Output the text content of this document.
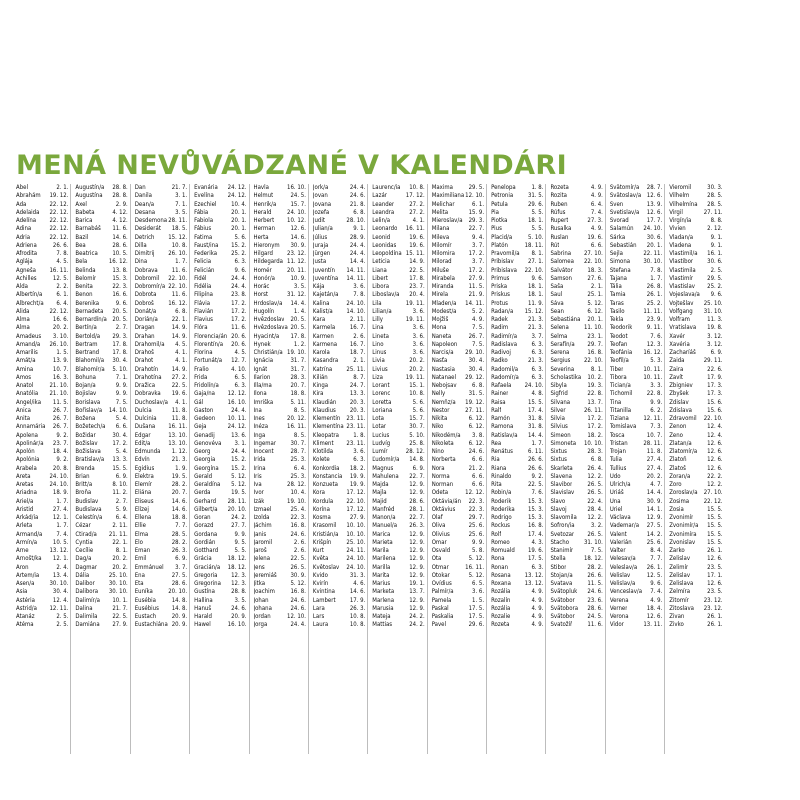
MENÁ NEVŮVÁDZANÉ V KALENDÁRI
Ábel	2. 1.
Abrahám 19. 12.
Ada	22. 12.
Adelaida 22. 12.
Adelína 22. 12.
Adina	22. 12.
Adria	22. 12.
Adriena	26. 6.
Afrodita	7. 8.
Aglája	4. 5.
Agneša 16. 11.
Achilles	12. 5.
Alda	2. 2.
Albertín/a 6. 1.
Albrecht/a 6. 4.
Alida	22. 12.
Alma	16. 6.
Alma	20. 2.
Amadeus 3. 10.
Amand/a 26. 10.
Amarilis	1. 5.
Amát/a	13. 9.
Amina	10. 7.
Amos	16. 3.
Anatol	21. 10.
Anatólia 21. 10.
Angel/ika 11. 5.
Anica	26. 7.
Anita	26. 7.
Annamária 26. 7.
Apolena	9. 2.
Apolinár/a 23. 7.
Apolón	18. 4.
Apolónia	9. 2.
Arabela	20. 8.
Areta	24. 10.
Aretas	24. 10.
Ariadna	18. 9.
Ariel/a	1. 7.
Aristid	27. 4.
Arkád/ia 12. 1.
Arleta	1. 7.
Armand/a 7. 4.
Armín/a	10. 5.
Arne	13. 12.
Arnošt/ka 12. 1.
Áron	2. 4.
Artem/ia 13. 4.
Asen/a	30. 10.
Asia	30. 4.
Astéria	12. 4.
Astrid/a 12. 11.
Atanáz	2. 5.
Atéma	2. 5.
Augustín/a 28. 8.
Augustína 28. 8.
Axel	2. 9.
Babeta	4. 12.
Barica	4. 12.
Barnabáš 11. 6.
Bazil	14. 6.
Bea	28. 6.
Beatrica 10. 5.
Bela	16. 12.
Belinda	13. 8.
Belomír	15. 3.
Benita	22. 3.
Benon	16. 6.
Berenika	9. 6.
Bernadeta 20. 5.
Bernardín/a 20. 5.
Bertín/a	2. 7.
Bertold/a 29. 3.
Bertram 17. 8.
Bertrand 17. 8.
Blahomil/a 30. 4.
Blahomír/a 5. 10.
Bohuna	7. 1.
Bojan/a	9. 9.
Bojislav	9. 9.
Borislava	7. 5.
Bořislav/a 14. 10.
Božena	5. 4.
Božetech/a 6. 6.
Božidar	30. 4.
Božislav 17. 2.
Božislava 5. 4.
Bratislav/a 13. 3.
Brenda	15. 5.
Brian	6. 9.
Britt/a	8. 10.
Broňa	11. 2.
Budislav	2. 7.
Budislava 5. 9.
Celestín/a 6. 4.
Cézar	2. 11.
Ctirad/a 21. 11.
Cyntia	22. 1.
Cecílie	8. 1.
Dag/a	20. 2.
Dagmar	20. 2.
Dália	25. 10.
Dalibor 30. 10.
Dalibora 30. 10.
Dalimír/a 10. 1.
Dalina	21. 7.
Dalimila 22. 5.
Damiána 27. 9.
Dan	21. 7.
Danila	3. 1.
Dean/a	7. 1.
Desana	3. 5.
Desdemona 28. 11.
Desiderát 18. 5.
Detrich 15. 12.
Dilla	10. 8.
Dimitrij 26. 10.
Dina	1. 7.
Dobrava 11. 6.
Dobromil 22. 10.
Dobromír/a 22. 10.
Dobrota	11. 6.
Dobroš 16. 12.
Donát/a	6. 8.
Dorián/a 22. 1.
Dragan	14. 9.
Drahan	14. 9.
Drahomil/a 4. 5.
Drahoš	4. 1.
Drahot	4. 1.
Drahotín 14. 9.
Drahotína 27. 2.
Dražica	22. 5.
Dobravka 19. 6.
Duchoslav/a 4. 1.
Dulcia	11. 8.
Dulcinia	11. 8.
Dušana 16. 11.
Edgar	13. 10.
Edit/a	13. 10.
Edmunda 1. 12.
Edvín	21. 3.
Egidius	1. 9.
Elektra	19. 5.
Elemír	28. 2.
Eliána	20. 7.
Eliseus	14. 6.
Elízej	14. 6.
Ellena	18. 8.
Ellie	7. 7.
Elma	28. 5.
Elo	28. 2.
Eman	26. 3.
Emil	6. 9.
Emmánuel 3. 7.
Ena	27. 5.
Eta	28. 6.
Euníka	20. 10.
Eusébia	14. 8.
Eusébius 14. 8.
Eustach	20. 9.
Eustachiána 20. 9.
Evanária 24. 12.
Evelína 24. 12.
Ezechiel 10. 4.
Fábia	20. 1.
Fabiola	20. 1.
Fábius	20. 1.
Fatima	5. 6.
Faust/ina 15. 2.
Federika 25. 2.
Felicia	6. 3.
Felicián	9. 6.
Fidél	24. 4.
Fidélia	24. 4.
Filipína	23. 8.
Flávia	17. 2.
Flavián	17. 2.
Flavius	17. 2.
Flóra	11. 6.
Florencia/án 20. 6.
Florentín/a 20. 6.
Florina	4. 5.
Fortunát/a 12. 7.
Fralio	4. 10.
Frida	6. 5.
Fridolín/a	6. 3.
Gaja/na 12. 12.
Gál	16. 10.
Gaston	24. 4.
Gedeon 10. 11.
Geja	24. 12.
Genadij	13. 6.
Genovéva 3. 1.
Georg	24. 4.
Georgia	15. 2.
Georgína 15. 2.
Gerald	5. 12.
Geraldína 5. 12.
Gerda	19. 5.
Gerhard 28. 11.
Gilbert/a 20. 10.
Goran	24. 2.
Gorazd	27. 7.
Gordana	9. 9.
Gordián	9. 5.
Gotthard	5. 5.
Grácia	18. 12.
Gracián/a 18. 12.
Gregoria 12. 3.
Gregorina 12. 3.
Gustína	28. 8.
Hallina	3. 5.
Hanuš	24. 6.
Harald	20. 9.
Hawel	16. 10.
Havla	16. 10.
Helmut	24. 5.
Henrik/a 15. 7.
Herald	24. 10.
Herbert 10. 12.
Herman	12. 6.
Herta	14. 6.
Hieronym 30. 9.
Hilgard 23. 12.
Hildegarda 11. 12.
Homér	20. 11.
Honór/a	10. 9.
Horác	3. 5.
Horst	31. 12.
Hrdoslav/a 14. 4.
Hugolín	1. 4.
Hvězdoslav 20. 5.
Hvězdoslava 20. 5.
Hyacint/a 17. 8.
Hynek	1. 2.
Christián/a 19. 10.
Ignácia	31. 7.
Ignát	31. 7.
Ilarion	28. 3.
Illa/ma	20. 7.
Ilona	18. 8.
Imriška	5. 11.
Ina	8. 5.
Ines	20. 12.
Inéza	16. 11.
Inga	8. 5.
Ingemar 30. 7.
Inocent	28. 7.
Irida	25. 3.
Irina	6. 4.
Iris	25. 3.
Iva	28. 12.
Ivor	10. 4.
Izák	19. 10.
Izmael	25. 4.
Izolda	22. 3.
Jáchim	16. 8.
Janis	24. 6.
Jaromil	2. 6.
Jaroš	2. 6.
Jelena	22. 5.
Jens	26. 5.
Jeremiáš 30. 9.
Jitka	5. 12.
Joachim	16. 8.
Johan	24. 6.
Johana	24. 6.
Jordan	12. 10.
Jorga	24. 4.
Jork/a	24. 4.
Jovan	24. 6.
Jovana	21. 8.
Jozefa	6. 8.
Judit	28. 10.
Julian/a	9. 1.
Július	28. 9.
Juraja	24. 4.
Jürgen	24. 4.
Justa	14. 4.
Juventín 14. 11.
Juventína 14. 11.
Kája	3. 6.
Kajetán/a 7. 8.
Kalina	24. 10.
Kalist/a 14. 10.
Kara	2. 11.
Karmela 16. 7.
Karmen	2. 6.
Karmena 16. 7.
Karola	18. 7.
Kasandra	2. 1.
Katrína 25. 11.
Kilián	8. 7.
Kinga	24. 7.
Kira	13. 3.
Klaudián 20. 3.
Klaudius 20. 3.
Klementín 23. 11.
Klementína 23. 11.
Kleopatra 1. 8.
Kliment 23. 11.
Klotilda	3. 6.
Kolete	6. 3.
Konkordia 18. 2.
Konstancia 19. 9.
Konzueta 19. 9.
Kora	17. 12.
Kordula 22. 10.
Korína	17. 12.
Kosma	27. 9.
Krasomil 10. 10.
Kristián/a 10. 10.
Krišpín	25. 10.
Kurt	24. 11.
Květa	24. 10.
Květoslav 24. 10.
Kvido	31. 3.
Kvirín	4. 6.
Kvintina 14. 6.
Lambert 17. 9.
Lara	26. 3.
Lars	10. 8.
Laura	10. 8.
Laurenc/ia 10. 8.
Lazár	17. 12.
Leander	27. 2.
Leandra	27. 2.
Lelin/a	4. 1.
Leonardo 16. 11.
Leonid	19. 6.
Leonidas 19. 6.
Leopoldína 15. 11.
Leticia	14. 9.
Liana	22. 5.
Libert	17. 8.
Libora	23. 7.
Liboslav/a 20. 4.
Lila	19. 11.
Lilian/a	3. 6.
Lilly	19. 11.
Lina	3. 6.
Lineta	3. 6.
Lino	3. 6.
Linus	3. 6.
Livia	20. 2.
Livius	20. 2.
Liza	19. 11.
Lorant	15. 1.
Lorenc	10. 8.
Loretta	5. 6.
Loriana	5. 6.
Lota	15. 7.
Lotar	30. 7.
Lucius	5. 10.
Ludvíg	25. 8.
Lumír	28. 12.
Ľudomír/a 14. 8.
Magnus	6. 9.
Mahulena 22. 7.
Majda	12. 9.
Majla	12. 9.
Majid	28. 6.
Manfréd 28. 1.
Manon/a 22. 7.
Manuel/a 26. 3.
Marica	12. 9.
Marieta	12. 9.
Marila	12. 9.
Marilena 12. 9.
Marilla	12. 9.
Marita	12. 9.
Marius	19. 1.
Marketa	13. 7.
Marlena	12. 9.
Marusia	12. 9.
Mateja	24. 2.
Mattias	24. 2.
Maxima	29. 5.
Maximiliana 12. 10.
Melichar	6. 1.
Melita	15. 9.
Mieroslav/a 29. 3.
Milana	22. 7.
Mileva	9. 4.
Milomír	3. 7.
Milomira 17. 2.
Milorad	3. 7.
Miluše	17. 2.
Mirabela 27. 9.
Miranda	11. 5.
Mirela	21. 9.
Mladen/a 14. 11.
Modest/a	5. 2.
Mojžiš	4. 9.
Mona	7. 5.
Naneta	26. 7.
Napoleon 7. 5.
Narcis/a 29. 10.
Nasťa	30. 4.
Nastasia 30. 4.
Natanael 29. 12.
Nebojsav	6. 8.
Nelly	31. 5.
Nemňz/a 19. 12.
Nestor	27. 11.
Nikita	6. 12.
Niko	6. 12.
Nikodém/a 3. 8.
Nikoleta 6. 12.
Nino	24. 6.
Norberta	6. 6.
Nora	21. 2.
Norma	6. 6.
Norman	6. 6.
Odeta	12. 12.
Oktávia/án 22. 3.
Oktávius 22. 3.
Olaf	29. 7.
Oliva	25. 6.
Olivius	25. 6.
Omar	9. 9.
Osvald	5. 8.
Ota	5. 12.
Otmar	16. 11.
Otokar	5. 12.
Ovídius	6. 5.
Palmír/a	3. 6.
Pamela	1. 5.
Paskal	17. 5.
Paskalia	17. 5.
Pavel	29. 6.
Penelopa	1. 8.
Petronia 31. 5.
Petula	29. 6.
Pia	5. 5.
Piotka	18. 1.
Pius	5. 5.
Placid/a	5. 10.
Platón	18. 11.
Pravomil/a 8. 1.
Pribislav 27. 1.
Pribislava 22. 10.
Primus	9. 6.
Priska	18. 1.
Priskus	18. 1.
Protus	11. 9.
Radan/a 15. 12.
Radek	21. 3.
Radim	21. 3.
Radimír/a 3. 7.
Radislava 6. 3.
Radivoj	6. 3.
Radko	21. 3.
Radomil/a 6. 3.
Radomír/a 6. 3.
Rafaela 24. 10.
Rainer	4. 8.
Raisa	15. 5.
Ralf	17. 4.
Ramón	31. 8.
Ramona 31. 8.
Ratislav/a 14. 4.
Rea	1. 7.
Renátus	6. 11.
Ria	26. 6.
Riana	26. 6.
Rinaldo	9. 2.
Rita	22. 5.
Robin/a	7. 6.
Roderik	15. 3.
Roderika 15. 3.
Rodrigo	15. 3.
Rockus	16. 8.
Rolf	17. 4.
Romeo	4. 3.
Romuald 19. 6.
Rona	17. 5.
Ronan	6. 3.
Rosana 13. 12.
Roxana 13. 12.
Rozália	4. 9.
Rozalín	4. 9.
Rozália	4. 9.
Rozalie	4. 9.
Rozeta	4. 9.
Rozeta	4. 9.
Rozita	4. 9.
Ruben	6. 4.
Rúfus	7. 4.
Rupert	27. 3.
Rusalka	4. 9.
Ruslan	19. 6.
Rút	6. 6.
Sabrina 27. 10.
Salomea 22. 10.
Salvátor 18. 3.
Samson	27. 6.
Saša	2. 1.
Saul	25. 1.
Sáva	5. 12.
Sean	6. 12.
Sebastiána 20. 1.
Selena	11. 10.
Selma	23. 1.
Serafín/a 29. 7.
Serena	16. 8.
Sergius 22. 10.
Severina	8. 1.
Scholastika 10. 2.
Sibyla	19. 3.
Sigfrid	22. 8.
Silvana	13. 7.
Silver	26. 11.
Silvia	17. 2.
Silvius	17. 2.
Simeon	18. 2.
Simoneta 10. 10.
Sixtus	28. 3.
Sixtus	6. 8.
Skarleta 26. 4.
Slavena	12. 2.
Slavibor	26. 5.
Slavislav 26. 5.
Slavo	22. 4.
Slavoj	28. 4.
Slavomila 12. 2.
Sofron/ia	3. 2.
Svetozar 26. 5.
Stacho 31. 10.
Stanimír	7. 5.
Stella	18. 12.
Stibor	28. 2.
Stojan/a 26. 6.
Svatava	11. 5.
Svätopluk 24. 6.
Svätobor 23. 6.
Svätobora 28. 6.
Svätobor 24. 5.
Svatožíř	11. 6.
Svätomír/a 28. 7.
Svätoslav/a 12. 6.
Sven	13. 9.
Svetislav/a 12. 6.
Svorad	17. 7.
Šalamún 24. 10.
Šárka	30. 6.
Šebastián 20. 1.
Šejla	22. 11.
Šimona 30. 10.
Štefana	7. 8.
Tajana	1. 7.
Tália	26. 8.
Tamia	26. 1.
Taras	25. 2.
Tasilo	11. 11.
Tekla	23. 9.
Teodorik 9. 11.
Teodot	7. 6.
Teofan	12. 3.
Teofánia 16. 12.
Teofil/a	5. 3.
Tiber	10. 11.
Tibora	10. 11.
Tician/a	3. 3.
Tichomil 22. 8.
Tina	9. 9.
Titanilla	6. 2.
Tiziana 12. 11.
Tomislava 7. 3.
Tosca	10. 7.
Tristan	28. 11.
Trojan	11. 8.
Tulia	27. 4.
Tullius	27. 4.
Udo	20. 2.
Ulrich/a	4. 7.
Uriáš	14. 4.
Una	30. 9.
Uriel	14. 1.
Václava	12. 9.
Vademar/a 27. 5.
Valent	14. 2.
Valerián	25. 6.
Valter	8. 4.
Velesav/a 7. 7.
Veleslav/a 26. 1.
Velislav	12. 5.
Velislav/a 9. 6.
Venceslav/a 7. 4.
Verena	4. 9.
Verner	18. 4.
Verona	12. 6.
Vidor	13. 11.
Vieromil	30. 3.
Vilhelm	28. 5.
Vilhelmína 28. 5.
Virgil	27. 11.
Virgín/ia	8. 8.
Vivien	2. 12.
Vladan/a	9. 1.
Vladena	9. 1.
Vlastimil/a 16. 1.
Vlastibor 30. 6.
Vlastimila 2. 5.
Vlastimír 29. 5.
Vlastislav 25. 2.
Vojeslava/a 9. 6.
Vojtešlav 25. 10.
Volfgang 31. 10.
Volfram	11. 3.
Vratislava 19. 8.
Xavér	3. 12.
Xavéria	3. 12.
Zacharíáš 6. 9.
Zaida	29. 11.
Zaira	22. 6.
Zavít	17. 9.
Zbigniev 17. 3.
Zbyšek	17. 3.
Zdislav	15. 6.
Zdislava	15. 6.
Zdravomil 22. 10.
Zenon	12. 4.
Zeno	12. 4.
Zlatan/a	12. 6.
Zlatomír/a 12. 6.
Zlatoň	12. 6.
Zlatoš	12. 6.
Zoran/a	22. 2.
Zoro	12. 2.
Zoroslav/a 27. 10.
Zosima 22. 12.
Zosia	15. 5.
Zvonimír 15. 5.
Zvonimír/a 15. 5.
Zvonimíra 15. 5.
Zvonislav 15. 5.
Žarko	26. 1.
Želislav	12. 6.
Želimír	23. 5.
Želislav	17. 1.
Želislava 12. 6.
Želmíra	23. 5.
Žitomír 23. 12.
Žitoslava 23. 12.
Živan	26. 1.
Živko	26. 1.
